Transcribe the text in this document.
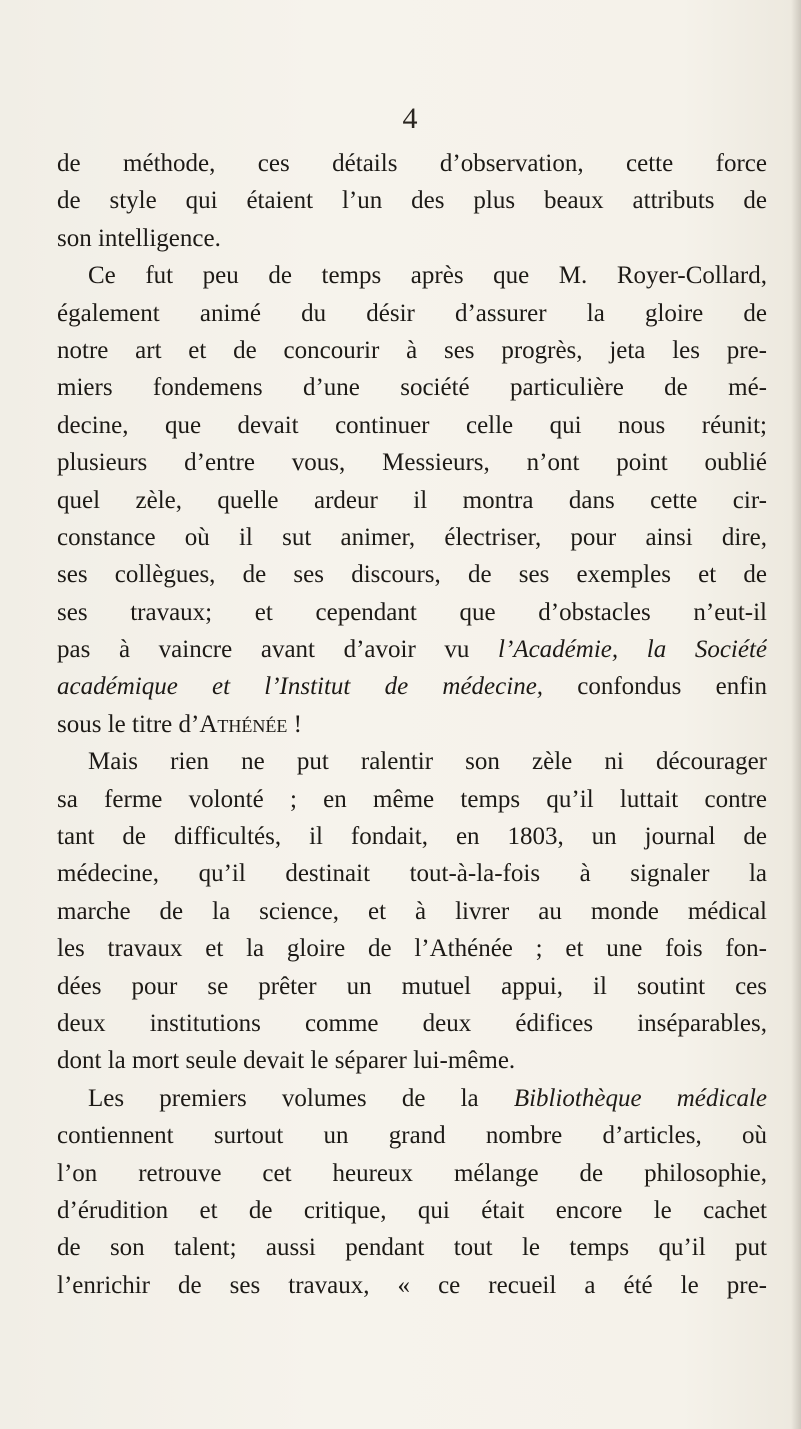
4
de méthode, ces détails d’observation, cette force
de style qui étaient l’un des plus beaux attributs de
son intelligence.
Ce fut peu de temps après que M. Royer-Collard,
également animé du désir d’assurer la gloire de
notre art et de concourir à ses progrès, jeta les pre-
miers fondemens d’une société particulière de mé-
decine, que devait continuer celle qui nous réunit;
plusieurs d’entre vous, Messieurs, n’ont point oublié
quel zèle, quelle ardeur il montra dans cette cir-
constance où il sut animer, électriser, pour ainsi dire,
ses collègues, de ses discours, de ses exemples et de
ses travaux; et cependant que d’obstacles n’eut-il
pas à vaincre avant d’avoir vu l’Académie, la Société
académique et l’Institut de médecine, confondus enfin
sous le titre d’Athénée !
Mais rien ne put ralentir son zèle ni décourager
sa ferme volonté ; en même temps qu’il luttait contre
tant de difficultés, il fondait, en 1803, un journal de
médecine, qu’il destinait tout-à-la-fois à signaler la
marche de la science, et à livrer au monde médical
les travaux et la gloire de l’Athénée ; et une fois fon-
dées pour se prêter un mutuel appui, il soutint ces
deux institutions comme deux édifices inséparables,
dont la mort seule devait le séparer lui-même.
Les premiers volumes de la Bibliothèque médicale
contiennent surtout un grand nombre d’articles, où
l’on retrouve cet heureux mélange de philosophie,
d’érudition et de critique, qui était encore le cachet
de son talent; aussi pendant tout le temps qu’il put
l’enrichir de ses travaux, « ce recueil a été le pre-
